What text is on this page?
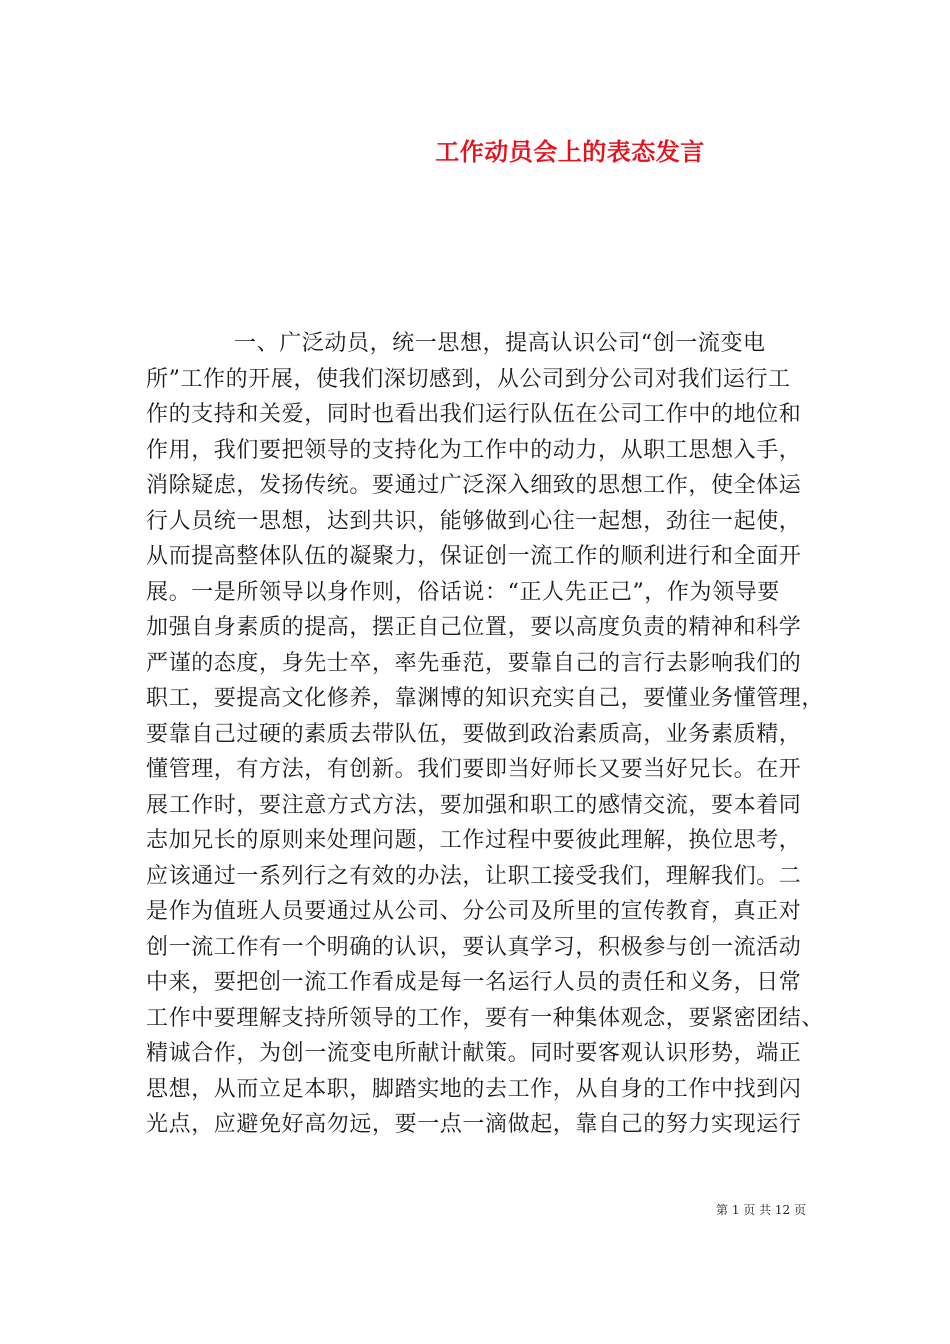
工作动员会上的表态发言
一、广泛动员，统一思想，提高认识公司“创一流变电
所”工作的开展，使我们深切感到，从公司到分公司对我们运行工
作的支持和关爱，同时也看出我们运行队伍在公司工作中的地位和
作用，我们要把领导的支持化为工作中的动力，从职工思想入手，
消除疑虑，发扬传统。要通过广泛深入细致的思想工作，使全体运
行人员统一思想，达到共识，能够做到心往一起想，劲往一起使，
从而提高整体队伍的凝聚力，保证创一流工作的顺利进行和全面开
展。一是所领导以身作则，俗话说：“正人先正己”，作为领导要
加强自身素质的提高，摆正自己位置，要以高度负责的精神和科学
严谨的态度，身先士卒，率先垂范，要靠自己的言行去影响我们的
职工，要提高文化修养，靠渊博的知识充实自己，要懂业务懂管理，
要靠自己过硬的素质去带队伍，要做到政治素质高，业务素质精，
懂管理，有方法，有创新。我们要即当好师长又要当好兄长。在开
展工作时，要注意方式方法，要加强和职工的感情交流，要本着同
志加兄长的原则来处理问题，工作过程中要彼此理解，换位思考，
应该通过一系列行之有效的办法，让职工接受我们，理解我们。二
是作为值班人员要通过从公司、分公司及所里的宣传教育，真正对
创一流工作有一个明确的认识，要认真学习，积极参与创一流活动
中来，要把创一流工作看成是每一名运行人员的责任和义务，日常
工作中要理解支持所领导的工作，要有一种集体观念，要紧密团结、
精诚合作，为创一流变电所献计献策。同时要客观认识形势，端正
思想，从而立足本职，脚踏实地的去工作，从自身的工作中找到闪
光点，应避免好高勿远，要一点一滴做起，靠自己的努力实现运行
第 1 页 共 12 页
